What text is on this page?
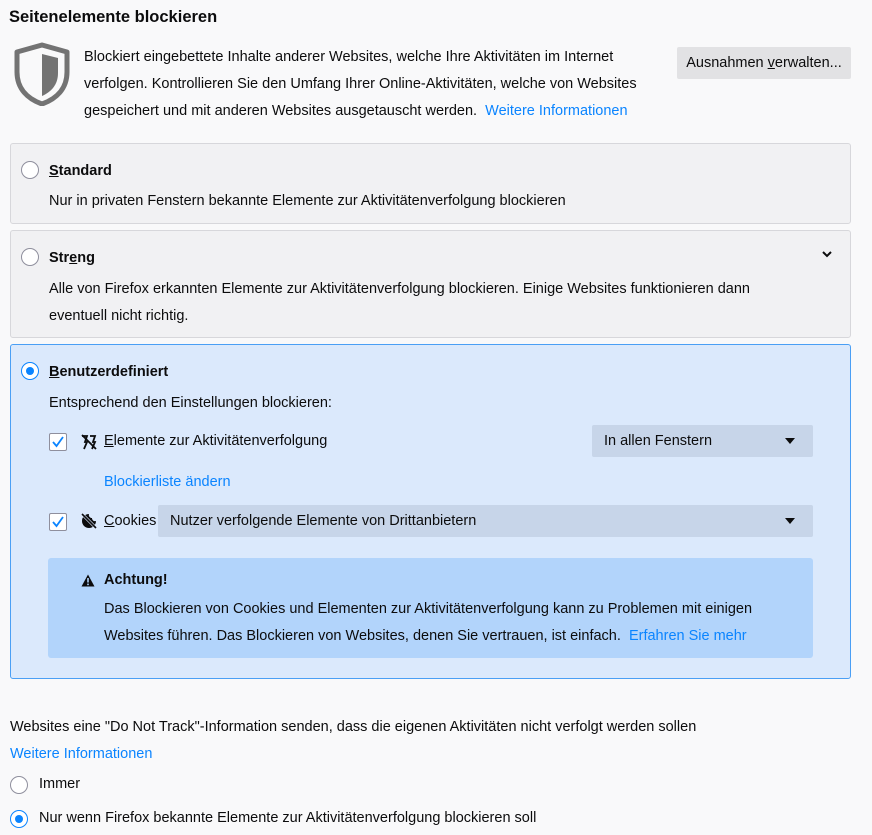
Seitenelemente blockieren
Blockiert eingebettete Inhalte anderer Websites, welche Ihre Aktivitäten im Internet verfolgen. Kontrollieren Sie den Umfang Ihrer Online-Aktivitäten, welche von Websites gespeichert und mit anderen Websites ausgetauscht werden. Weitere Informationen
Ausnahmen v erwalten...
Standard
Nur in privaten Fenstern bekannte Elemente zur Aktivitätenverfolgung blockieren
Streng
Alle von Firefox erkannten Elemente zur Aktivitätenverfolgung blockieren. Einige Websites funktionieren dann eventuell nicht richtig.
Benutzerdefiniert
Entsprechend den Einstellungen blockieren:
Elemente zur Aktivitätenverfolgung	In allen Fenstern
Blockierliste ändern
Cookies Nutzer verfolgende Elemente von Drittanbietern
Achtung!
Das Blockieren von Cookies und Elementen zur Aktivitätenverfolgung kann zu Problemen mit einigen Websites führen. Das Blockieren von Websites, denen Sie vertrauen, ist einfach. Erfahren Sie mehr
Websites eine "Do Not Track"-Information senden, dass die eigenen Aktivitäten nicht verfolgt werden sollen
Weitere Informationen
Immer
Nur wenn Firefox bekannte Elemente zur Aktivitätenverfolgung blockieren soll
